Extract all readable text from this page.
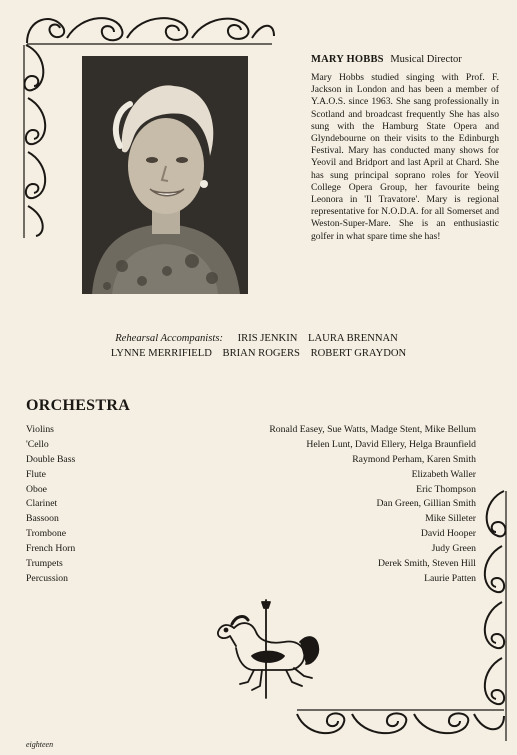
MARY HOBBS Musical Director
Mary Hobbs studied singing with Prof. F. Jackson in London and has been a member of Y.A.O.S. since 1963. She sang professionally in Scotland and broadcast frequently She has also sung with the Hamburg State Opera and Glyndebourne on their visits to the Edinburgh Festival. Mary has conducted many shows for Yeovil and Bridport and last April at Chard. She has sung principal soprano roles for Yeovil College Opera Group, her favourite being Leonora in 'Il Travatore'. Mary is regional representative for N.O.D.A. for all Somerset and Weston-Super-Mare. She is an enthusiastic golfer in what spare time she has!
Rehearsal Accompanists: IRIS JENKIN LAURA BRENNAN
LYNNE MERRIFIELD BRIAN ROGERS ROBERT GRAYDON
ORCHESTRA
Violins	Ronald Easey, Sue Watts, Madge Stent, Mike Bellum
'Cello	Helen Lunt, David Ellery, Helga Braunfield
Double Bass	Raymond Perham, Karen Smith
Flute	Elizabeth Waller
Oboe	Eric Thompson
Clarinet	Dan Green, Gillian Smith
Bassoon	Mike Silleter
Trombone	David Hooper
French Horn	Judy Green
Trumpets	Derek Smith, Steven Hill
Percussion	Laurie Patten
eighteen
